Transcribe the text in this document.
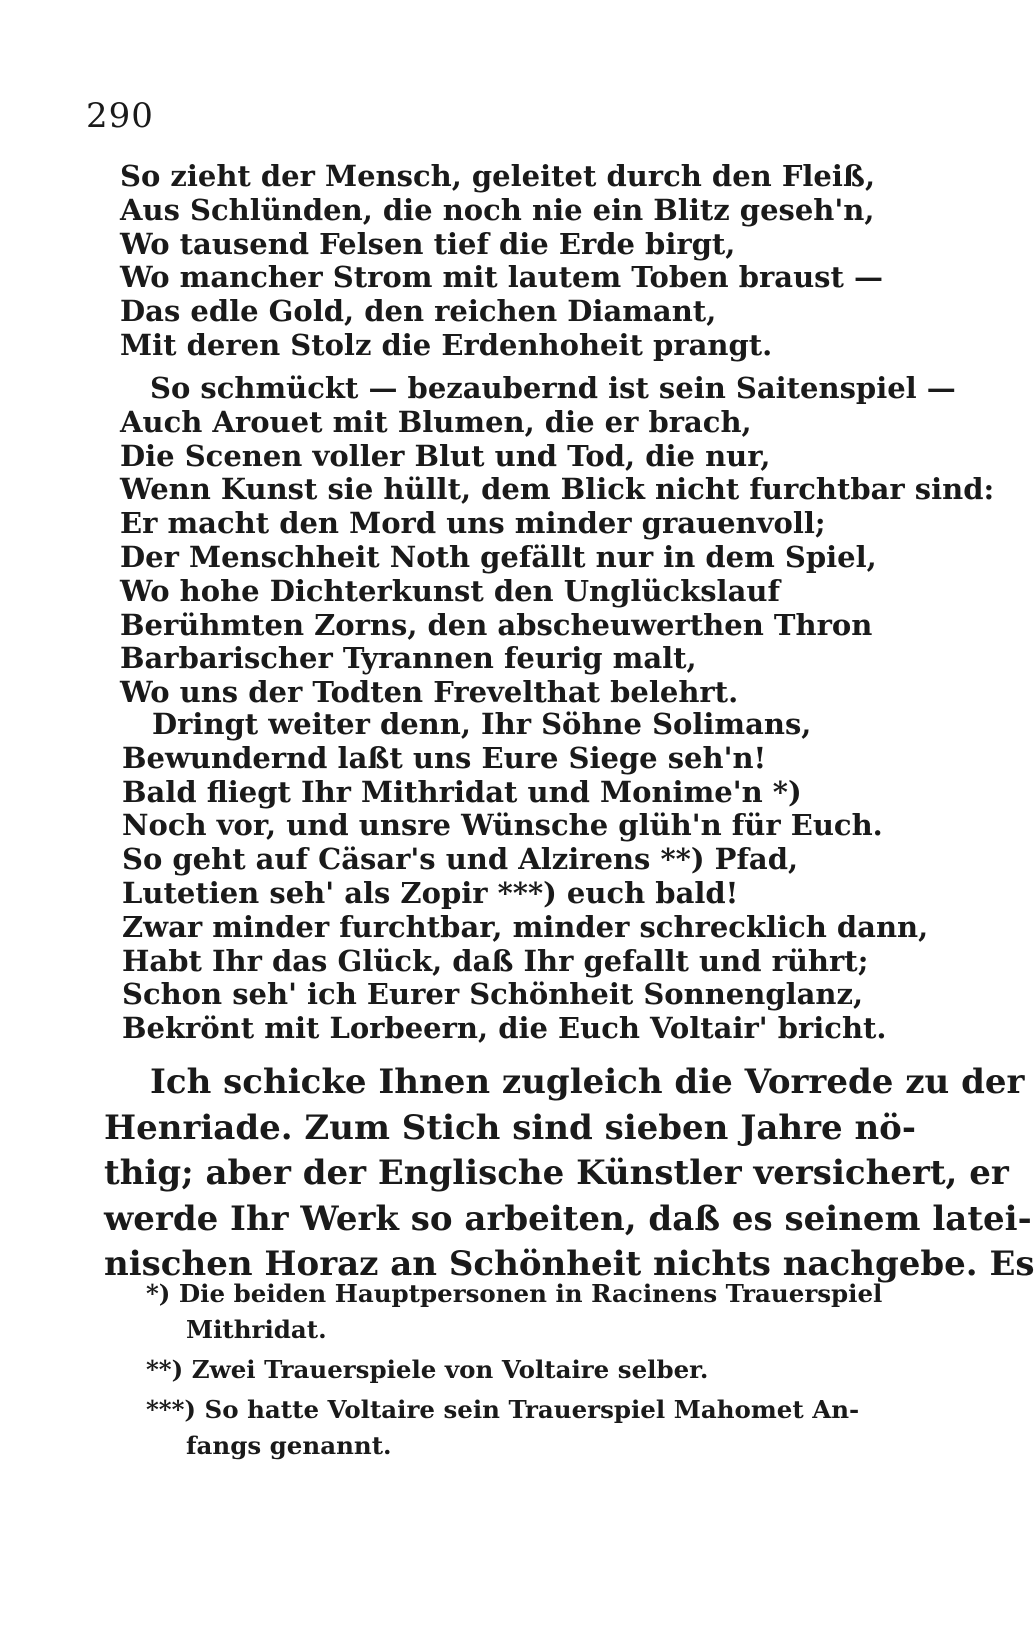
290
So zieht der Mensch, geleitet durch den Fleiß,
Aus Schlünden, die noch nie ein Blitz geseh'n,
Wo tausend Felsen tief die Erde birgt,
Wo mancher Strom mit lautem Toben braust —
Das edle Gold, den reichen Diamant,
Mit deren Stolz die Erdenhoheit prangt.
So schmückt — bezaubernd ist sein Saitenspiel —
Auch Arouet mit Blumen, die er brach,
Die Scenen voller Blut und Tod, die nur,
Wenn Kunst sie hüllt, dem Blick nicht furchtbar sind:
Er macht den Mord uns minder grauenvoll;
Der Menschheit Noth gefällt nur in dem Spiel,
Wo hohe Dichterkunst den Unglückslauf
Berühmten Zorns, den abscheuwerthen Thron
Barbarischer Tyrannen feurig malt,
Wo uns der Todten Frevelthat belehrt.
Dringt weiter denn, Ihr Söhne Solimans,
Bewundernd laßt uns Eure Siege seh'n!
Bald fliegt Ihr Mithridat und Monime'n *)
Noch vor, und unsre Wünsche glüh'n für Euch.
So geht auf Cäsar's und Alzirens **) Pfad,
Lutetien seh' als Zopir ***) euch bald!
Zwar minder furchtbar, minder schrecklich dann,
Habt Ihr das Glück, daß Ihr gefallt und rührt;
Schon seh' ich Eurer Schönheit Sonnenglanz,
Bekrönt mit Lorbeern, die Euch Voltair' bricht.
Ich schicke Ihnen zugleich die Vorrede zu der
Henriade. Zum Stich sind sieben Jahre nö-
thig; aber der Englische Künstler versichert, er
werde Ihr Werk so arbeiten, daß es seinem latei-
nischen Horaz an Schönheit nichts nachgebe. Es
*) Die beiden Hauptpersonen in Racinens Trauerspiel
Mithridat.
**) Zwei Trauerspiele von Voltaire selber.
***) So hatte Voltaire sein Trauerspiel Mahomet An-
fangs genannt.
